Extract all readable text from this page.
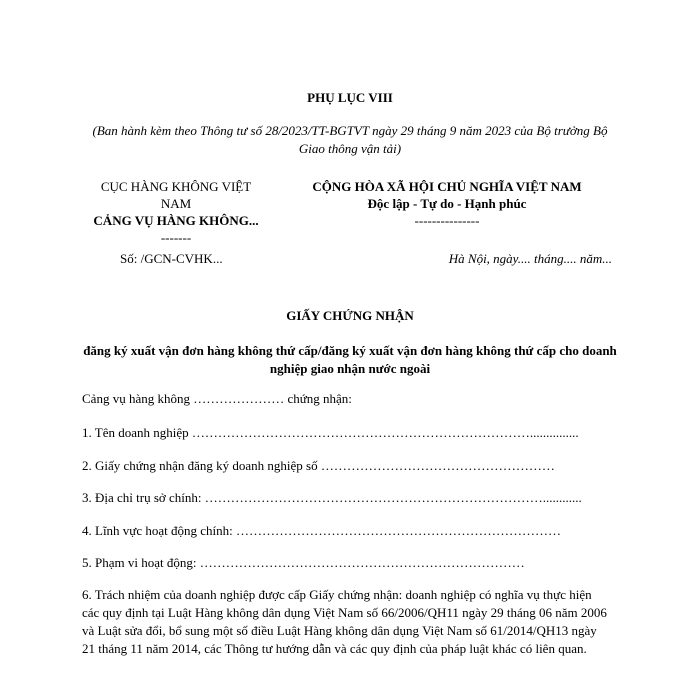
PHỤ LỤC VIII
(Ban hành kèm theo Thông tư số 28/2023/TT-BGTVT ngày 29 tháng 9 năm 2023 của Bộ trưởng Bộ Giao thông vận tải)
CỤC HÀNG KHÔNG VIỆT
NAM
CẢNG VỤ HÀNG KHÔNG...
-------
CỘNG HÒA XÃ HỘI CHỦ NGHĨA VIỆT NAM
Độc lập - Tự do - Hạnh phúc
---------------
Số: /GCN-CVHK...	Hà Nội, ngày.... tháng.... năm...
GIẤY CHỨNG NHẬN
đăng ký xuất vận đơn hàng không thứ cấp/đăng ký xuất vận đơn hàng không thứ cấp cho doanh nghiệp giao nhận nước ngoài
Cảng vụ hàng không ………………… chứng nhận:
1. Tên doanh nghiệp ……………………………………………………………………...............
2. Giấy chứng nhận đăng ký doanh nghiệp số ………………………………………………
3. Địa chỉ trụ sở chính: ……………………………………………………………………............
4. Lĩnh vực hoạt động chính: …………………………………………………………………
5. Phạm vi hoạt động: …………………………………………………………………
6. Trách nhiệm của doanh nghiệp được cấp Giấy chứng nhận: doanh nghiệp có nghĩa vụ thực hiện các quy định tại Luật Hàng không dân dụng Việt Nam số 66/2006/QH11 ngày 29 tháng 06 năm 2006 và Luật sửa đổi, bổ sung một số điều Luật Hàng không dân dụng Việt Nam số 61/2014/QH13 ngày 21 tháng 11 năm 2014, các Thông tư hướng dẫn và các quy định của pháp luật khác có liên quan.
